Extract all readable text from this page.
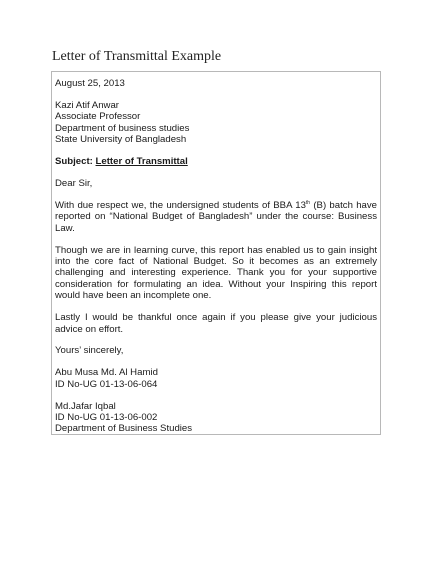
Letter of Transmittal Example
August 25, 2013
Kazi Atif Anwar
Associate Professor
Department of business studies
State University of Bangladesh
Subject: Letter of Transmittal
Dear Sir,
With due respect we, the undersigned students of BBA 13th (B) batch have reported on “National Budget of Bangladesh” under the course: Business Law.
Though we are in learning curve, this report has enabled us to gain insight into the core fact of National Budget. So it becomes as an extremely challenging and interesting experience. Thank you for your supportive consideration for formulating an idea. Without your Inspiring this report would have been an incomplete one.
Lastly I would be thankful once again if you please give your judicious advice on effort.
Yours’ sincerely,
Abu Musa Md. Al Hamid
ID No-UG 01-13-06-064
Md.Jafar Iqbal
ID No-UG 01-13-06-002
Department of Business Studies
